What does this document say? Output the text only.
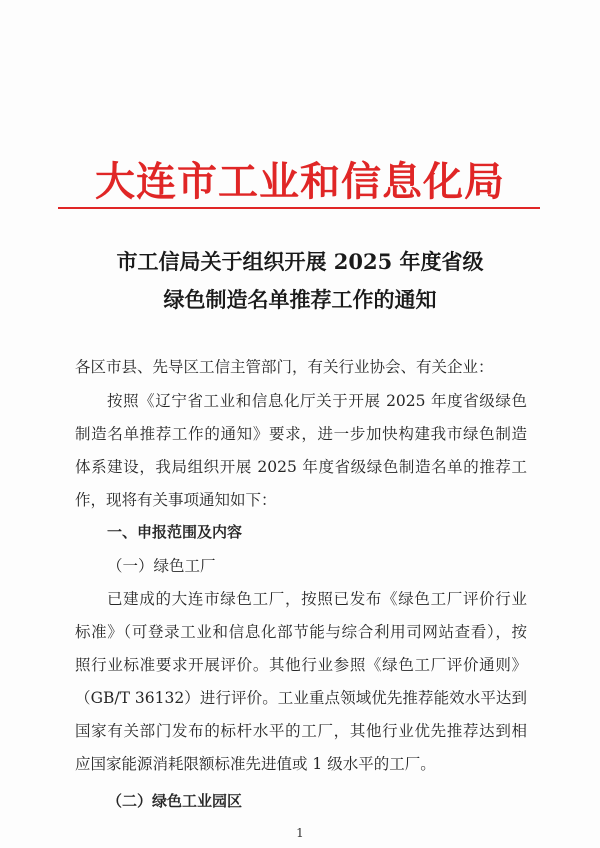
大连市工业和信息化局
市工信局关于组织开展 2025 年度省级
绿色制造名单推荐工作的通知
各区市县、先导区工信主管部门，有关行业协会、有关企业：
按照《辽宁省工业和信息化厅关于开展 2025 年度省级绿色
制造名单推荐工作的通知》要求，进一步加快构建我市绿色制造
体系建设，我局组织开展 2025 年度省级绿色制造名单的推荐工
作，现将有关事项通知如下：
一、申报范围及内容
（一）绿色工厂
已建成的大连市绿色工厂，按照已发布《绿色工厂评价行业
标准》（可登录工业和信息化部节能与综合利用司网站查看），按
照行业标准要求开展评价。其他行业参照《绿色工厂评价通则》
（GB/T 36132）进行评价。工业重点领域优先推荐能效水平达到
国家有关部门发布的标杆水平的工厂，其他行业优先推荐达到相
应国家能源消耗限额标准先进值或 1 级水平的工厂。
（二）绿色工业园区
1
